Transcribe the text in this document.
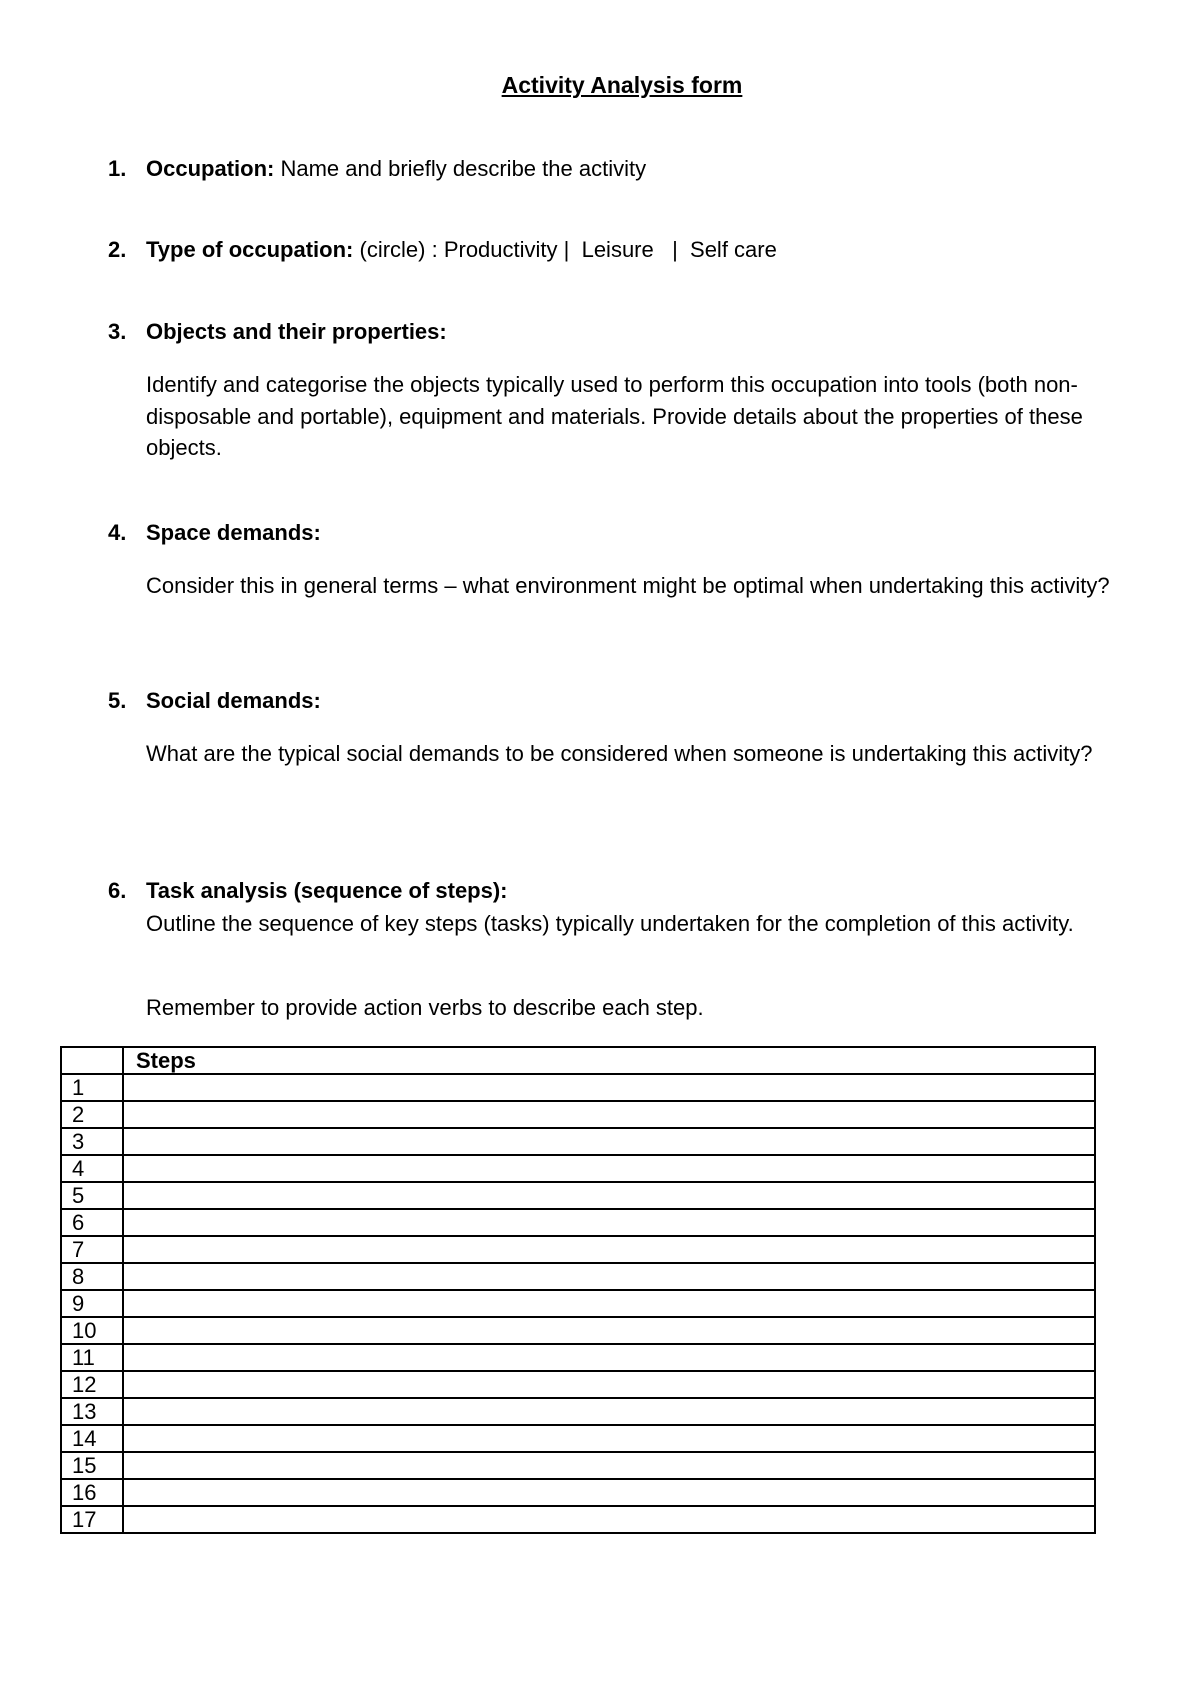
Activity Analysis form
1. Occupation: Name and briefly describe the activity
2. Type of occupation: (circle) : Productivity |  Leisure   |  Self care
3. Objects and their properties:

Identify and categorise the objects typically used to perform this occupation into tools (both non-disposable and portable), equipment and materials. Provide details about the properties of these objects.

4. Space demands:

Consider this in general terms – what environment might be optimal when undertaking this activity?

5. Social demands:

What are the typical social demands to be considered when someone is undertaking this activity?

6. Task analysis (sequence of steps):

Outline the sequence of key steps (tasks) typically undertaken for the completion of this activity.

Remember to provide action verbs to describe each step.

	Steps
1	
2	
3	
4	
5	
6	
7	
8	
9	
10	
11	
12	
13	
14	
15	
16	
17	
